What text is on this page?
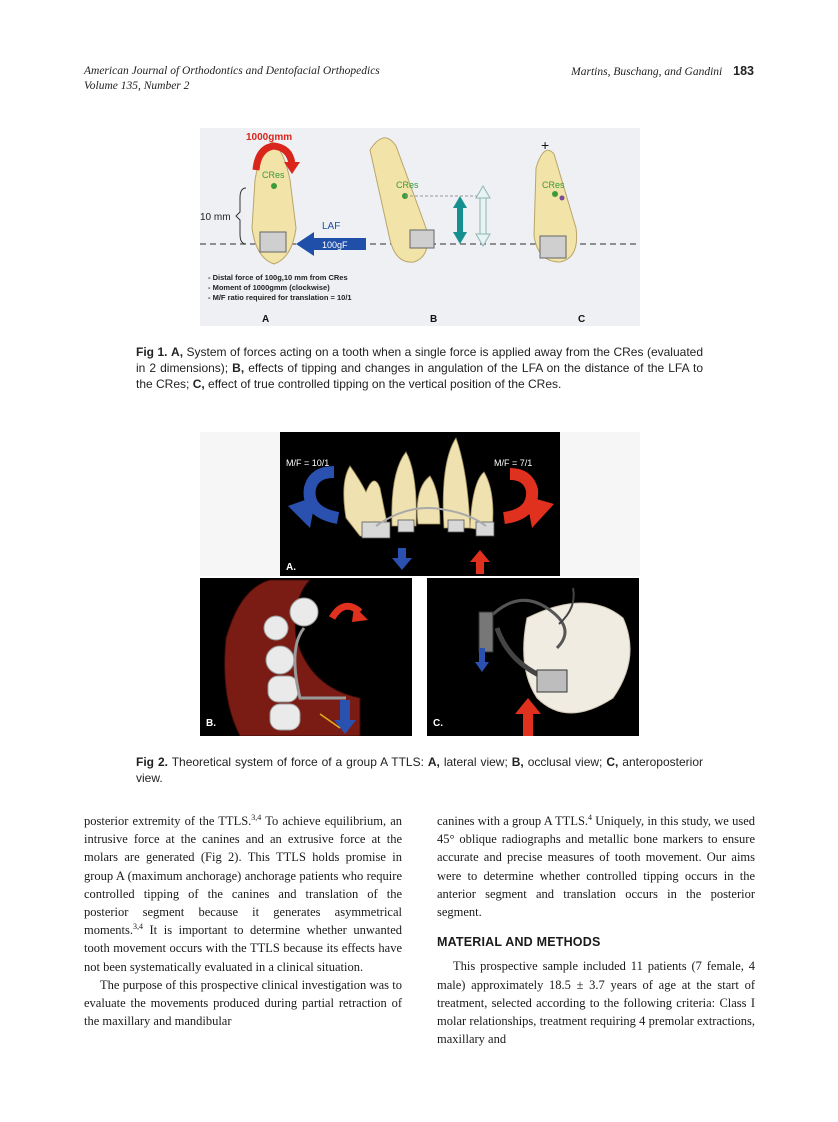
American Journal of Orthodontics and Dentofacial Orthopedics
Volume 135, Number 2
Martins, Buschang, and Gandini 183
CRes
1000gmm
10 mm
LAF
100gF
- Distal force of 100g,10 mm from CRes
- Moment of 1000gmm (clockwise)
- M/F ratio required for translation = 10/1
CRes	CRes
+
A	B	C
Fig 1. A, System of forces acting on a tooth when a single force is applied away from the CRes (evaluated in 2 dimensions); B, effects of tipping and changes in angulation of the LFA on the distance of the LFA to the CRes; C, effect of true controlled tipping on the vertical position of the CRes.
M/F = 10/1	M/F = 7/1
A.
B.	C.
Fig 2. Theoretical system of force of a group A TTLS: A, lateral view; B, occlusal view; C, anteroposterior view.

posterior extremity of the TTLS.$^{3,4}$ To achieve equilibrium, an intrusive force at the canines and an extrusive force at the molars are generated (Fig 2). This TTLS holds promise in group A (maximum anchorage) anchorage patients who require controlled tipping of the canines and translation of the posterior segment because it generates asymmetrical moments.$^{3,4}$ It is important to determine whether unwanted tooth movement occurs with the TTLS because its effects have not been systematically evaluated in a clinical situation.

The purpose of this prospective clinical investigation was to evaluate the movements produced during partial retraction of the maxillary and mandibular

canines with a group A TTLS.$^4$ Uniquely, in this study, we used 45° oblique radiographs and metallic bone markers to ensure accurate and precise measures of tooth movement. Our aims were to determine whether controlled tipping occurs in the anterior segment and translation occurs in the posterior segment.

MATERIAL AND METHODS

This prospective sample included 11 patients (7 female, 4 male) approximately 18.5 ± 3.7 years of age at the start of treatment, selected according to the following criteria: Class I molar relationships, treatment requiring 4 premolar extractions, maxillary and
